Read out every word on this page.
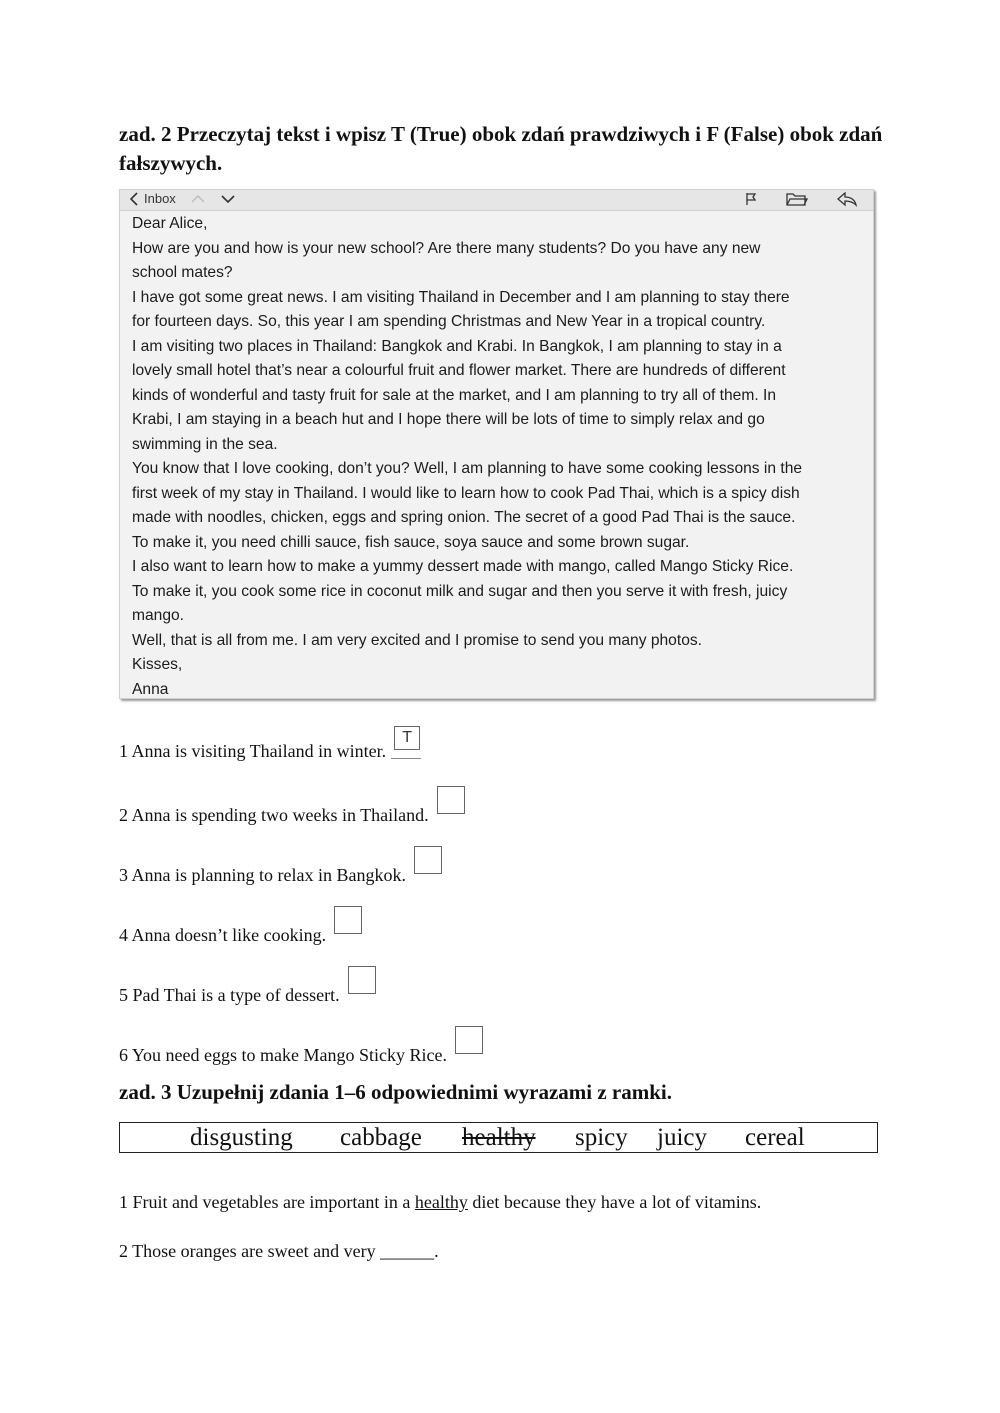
zad. 2 Przeczytaj tekst i wpisz T (True) obok zdań prawdziwych i F (False) obok zdań fałszywych.
Inbox

Dear Alice,

How are you and how is your new school? Are there many students? Do you have any new

school mates?

I have got some great news. I am visiting Thailand in December and I am planning to stay there

for fourteen days. So, this year I am spending Christmas and New Year in a tropical country.

I am visiting two places in Thailand: Bangkok and Krabi. In Bangkok, I am planning to stay in a

lovely small hotel that’s near a colourful fruit and flower market. There are hundreds of different

kinds of wonderful and tasty fruit for sale at the market, and I am planning to try all of them. In

Krabi, I am staying in a beach hut and I hope there will be lots of time to simply relax and go

swimming in the sea.

You know that I love cooking, don’t you? Well, I am planning to have some cooking lessons in the

first week of my stay in Thailand. I would like to learn how to cook Pad Thai, which is a spicy dish

made with noodles, chicken, eggs and spring onion. The secret of a good Pad Thai is the sauce.

To make it, you need chilli sauce, fish sauce, soya sauce and some brown sugar.

I also want to learn how to make a yummy dessert made with mango, called Mango Sticky Rice.

To make it, you cook some rice in coconut milk and sugar and then you serve it with fresh, juicy

mango.

Well, that is all from me. I am very excited and I promise to send you many photos.

Kisses,

Anna

1 Anna is visiting Thailand in winter.
T
2 Anna is spending two weeks in Thailand.
3 Anna is planning to relax in Bangkok.
4 Anna doesn’t like cooking.
5 Pad Thai is a type of dessert.
6 You need eggs to make Mango Sticky Rice.
zad. 3 Uzupełnij zdania 1–6 odpowiednimi wyrazami z ramki.
disgusting cabbage healthy spicy juicy cereal
1 Fruit and vegetables are important in a healthy diet because they have a lot of vitamins.
2 Those oranges are sweet and very ______.
